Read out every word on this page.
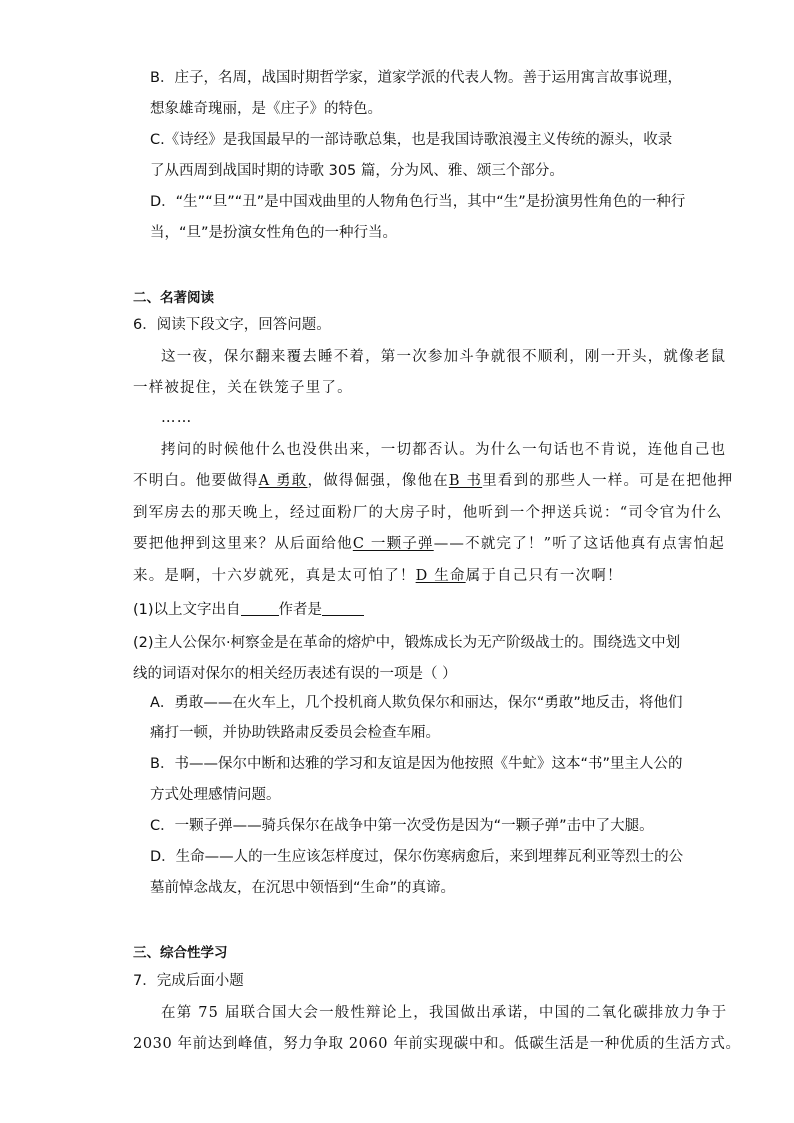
B．庄子，名周，战国时期哲学家，道家学派的代表人物。善于运用寓言故事说理，
想象雄奇瑰丽，是《庄子》的特色。
C.《诗经》是我国最早的一部诗歌总集，也是我国诗歌浪漫主义传统的源头，收录
了从西周到战国时期的诗歌 305 篇，分为风、雅、颂三个部分。
D．“生”“旦”“丑”是中国戏曲里的人物角色行当，其中“生”是扮演男性角色的一种行
当，“旦”是扮演女性角色的一种行当。
二、名著阅读
6．阅读下段文字，回答问题。
这一夜，保尔翻来覆去睡不着，第一次参加斗争就很不顺利，刚一开头，就像老鼠
一样被捉住，关在铁笼子里了。
……
拷问的时候他什么也没供出来，一切都否认。为什么一句话也不肯说，连他自己也
不明白。他要做得A 勇敢，做得倔强，像他在B 书里看到的那些人一样。可是在把他押
到军房去的那天晚上，经过面粉厂的大房子时，他听到一个押送兵说：“司令官为什么
要把他押到这里来？从后面给他C 一颗子弹——不就完了！”听了这话他真有点害怕起
来。是啊，十六岁就死，真是太可怕了！D 生命属于自己只有一次啊！
(1)以上文字出自	作者是
(2)主人公保尔·柯察金是在革命的熔炉中，锻炼成长为无产阶级战士的。围绕选文中划
线的词语对保尔的相关经历表述有误的一项是（ ）
A．勇敢——在火车上，几个投机商人欺负保尔和丽达，保尔“勇敢”地反击，将他们
痛打一顿，并协助铁路肃反委员会检查车厢。
B．书——保尔中断和达雅的学习和友谊是因为他按照《牛虻》这本“书”里主人公的
方式处理感情问题。
C．一颗子弹——骑兵保尔在战争中第一次受伤是因为“一颗子弹”击中了大腿。
D．生命——人的一生应该怎样度过，保尔伤寒病愈后，来到埋葬瓦利亚等烈士的公
墓前悼念战友，在沉思中领悟到“生命”的真谛。
三、综合性学习
7．完成后面小题
在第 75 届联合国大会一般性辩论上，我国做出承诺，中国的二氧化碳排放力争于
2030 年前达到峰值，努力争取 2060 年前实现碳中和。低碳生活是一种优质的生活方式。
